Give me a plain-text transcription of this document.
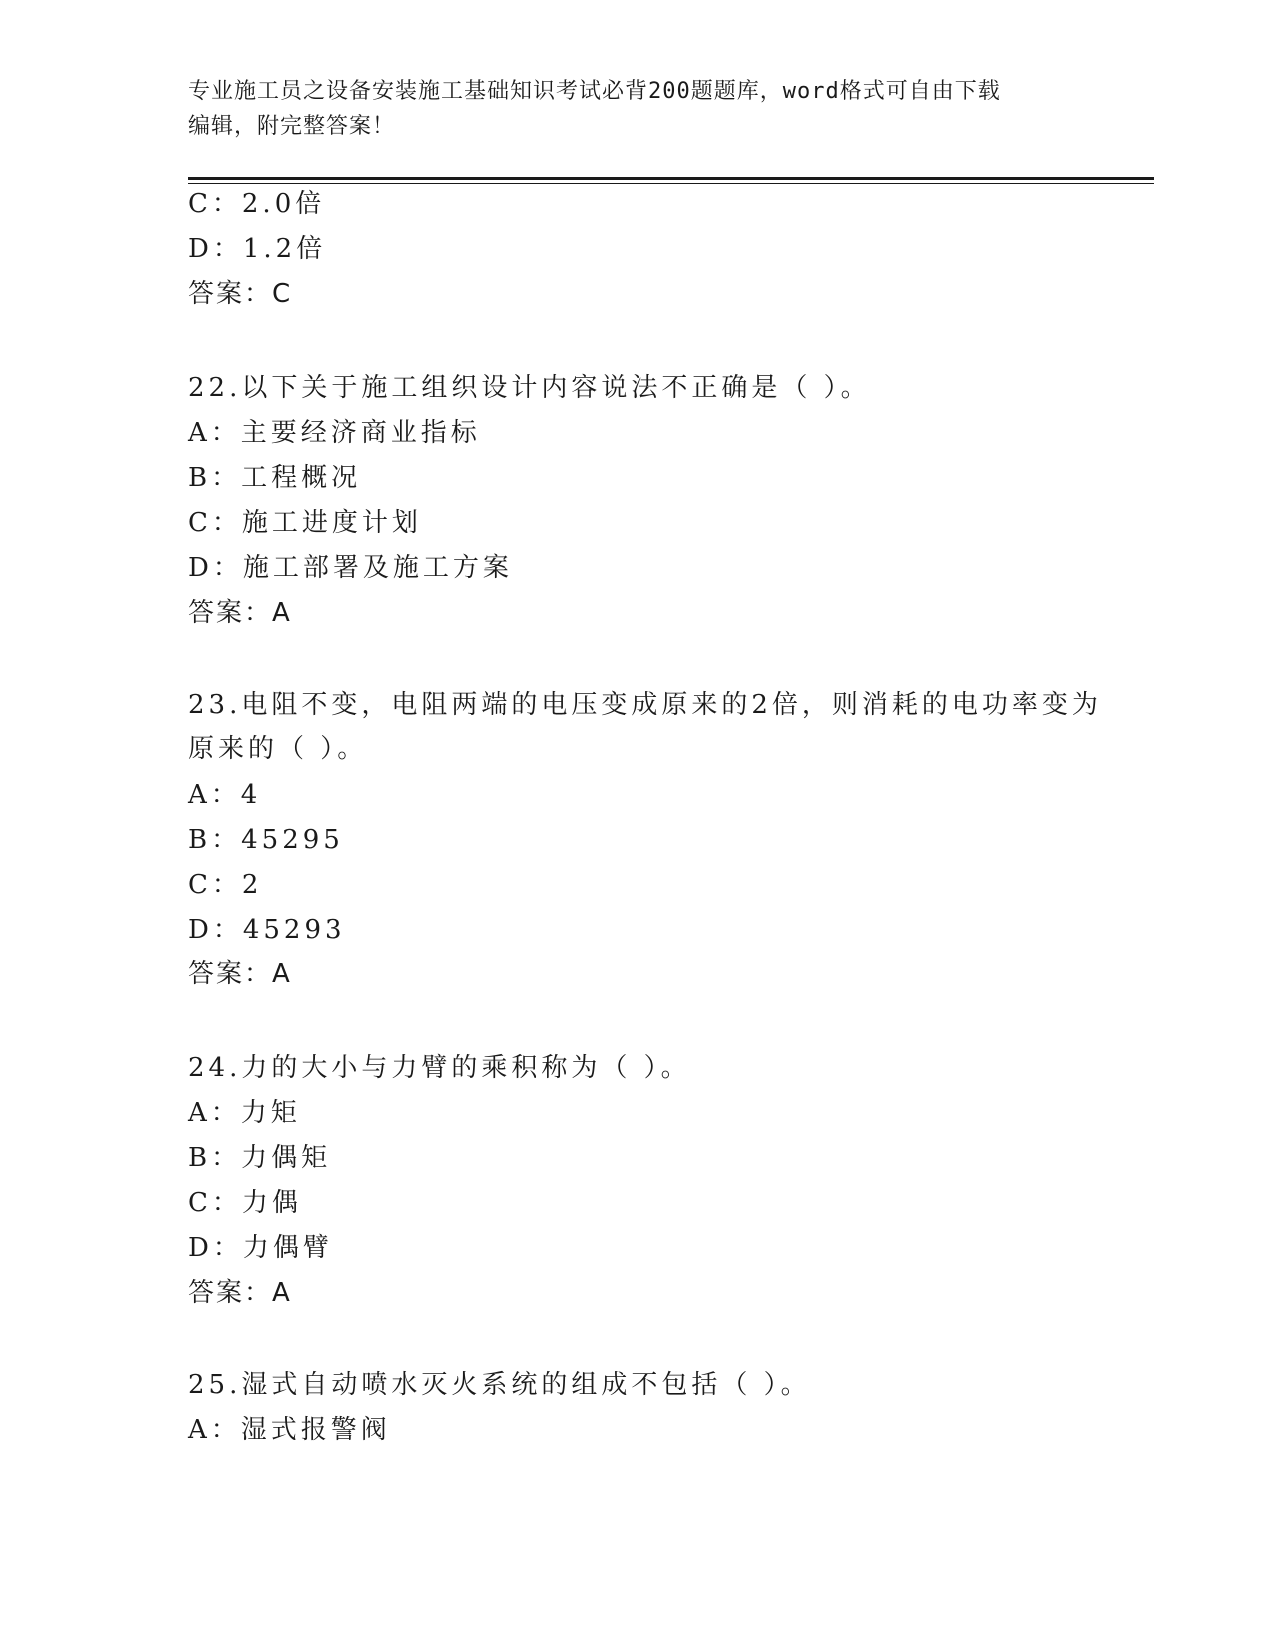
专业施工员之设备安装施工基础知识考试必背200题题库，word格式可自由下载
编辑，附完整答案！
C：2.0倍
D：1.2倍
答案：C
22.以下关于施工组织设计内容说法不正确是（ ）。
A：主要经济商业指标
B：工程概况
C：施工进度计划
D：施工部署及施工方案
答案：A
23.电阻不变，电阻两端的电压变成原来的2倍，则消耗的电功率变为
原来的（ ）。
A：4
B：45295
C：2
D：45293
答案：A
24.力的大小与力臂的乘积称为（ ）。
A：力矩
B：力偶矩
C：力偶
D：力偶臂
答案：A
25.湿式自动喷水灭火系统的组成不包括（ ）。
A：湿式报警阀
